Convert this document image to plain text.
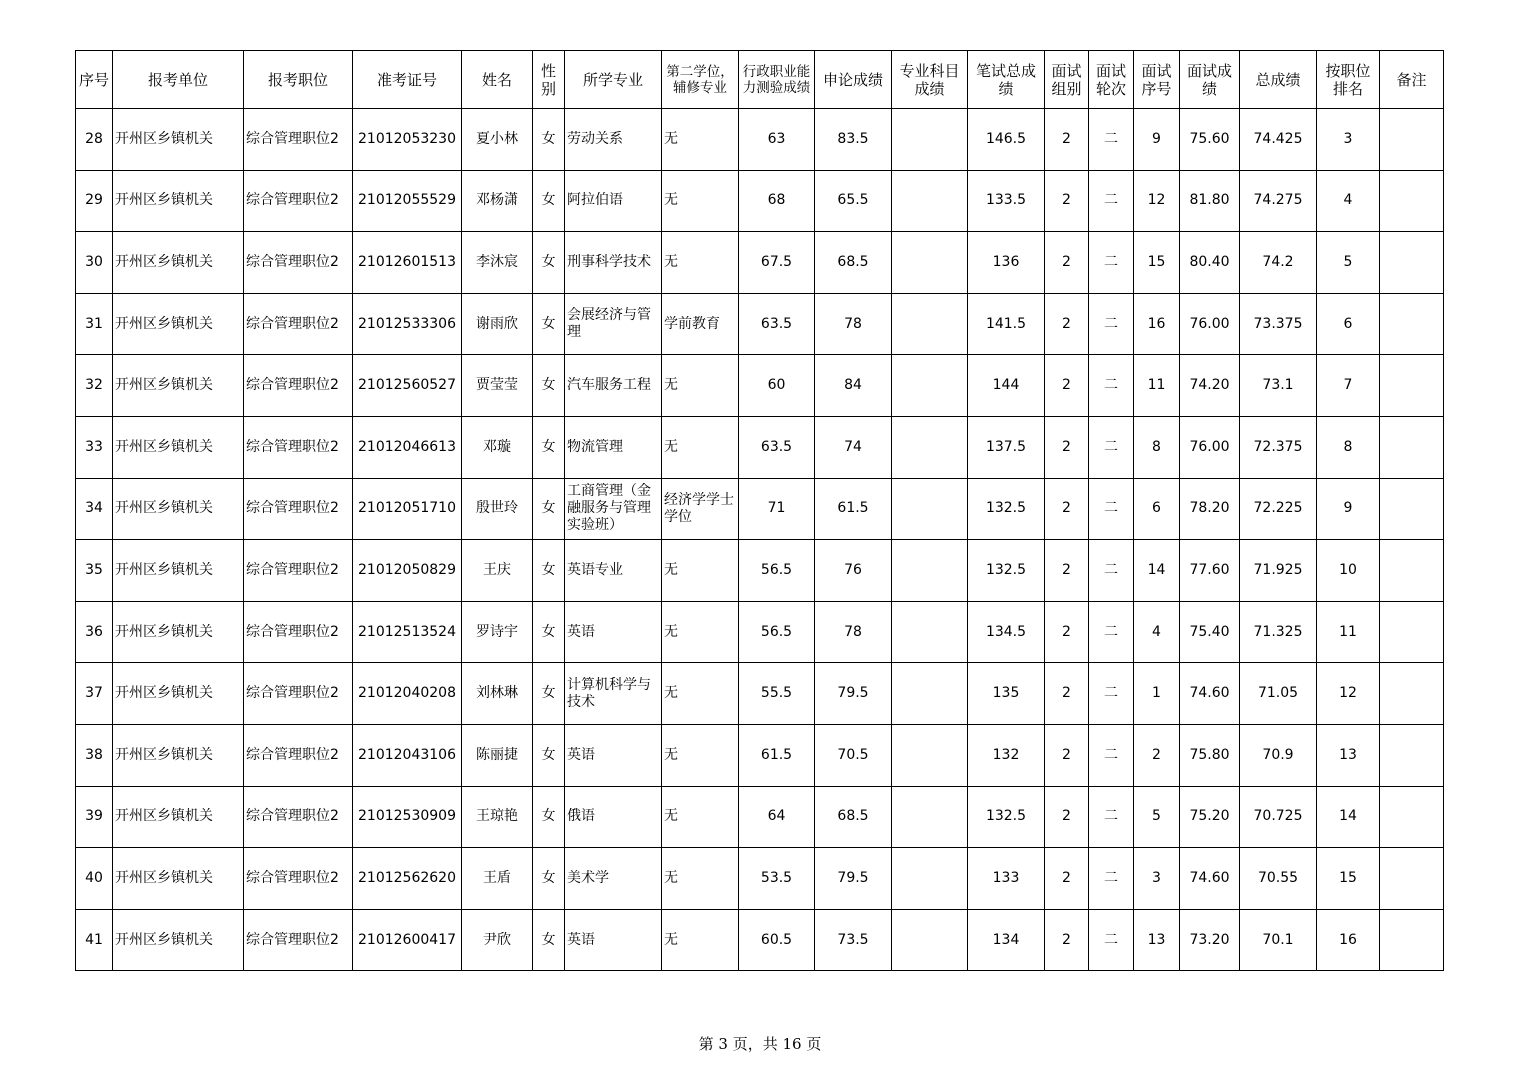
序号	报考单位	报考职位	准考证号	姓名	性别	所学专业	第二学位，辅修专业	行政职业能力测验成绩	申论成绩	专业科目成绩	笔试总成绩	面试组别	面试轮次	面试序号	面试成绩	总成绩	按职位排名	备注
28	开州区乡镇机关	综合管理职位2	21012053230	夏小林	女	劳动关系	无	63	83.5		146.5	2	二	9	75.60	74.425	3	
29	开州区乡镇机关	综合管理职位2	21012055529	邓杨潇	女	阿拉伯语	无	68	65.5		133.5	2	二	12	81.80	74.275	4	
30	开州区乡镇机关	综合管理职位2	21012601513	李沐宸	女	刑事科学技术	无	67.5	68.5		136	2	二	15	80.40	74.2	5	
31	开州区乡镇机关	综合管理职位2	21012533306	谢雨欣	女	会展经济与管理	学前教育	63.5	78		141.5	2	二	16	76.00	73.375	6	
32	开州区乡镇机关	综合管理职位2	21012560527	贾莹莹	女	汽车服务工程	无	60	84		144	2	二	11	74.20	73.1	7	
33	开州区乡镇机关	综合管理职位2	21012046613	邓璇	女	物流管理	无	63.5	74		137.5	2	二	8	76.00	72.375	8	
34	开州区乡镇机关	综合管理职位2	21012051710	殷世玲	女	工商管理（金融服务与管理实验班）	经济学学士学位	71	61.5		132.5	2	二	6	78.20	72.225	9	
35	开州区乡镇机关	综合管理职位2	21012050829	王庆	女	英语专业	无	56.5	76		132.5	2	二	14	77.60	71.925	10	
36	开州区乡镇机关	综合管理职位2	21012513524	罗诗宇	女	英语	无	56.5	78		134.5	2	二	4	75.40	71.325	11	
37	开州区乡镇机关	综合管理职位2	21012040208	刘林琳	女	计算机科学与技术	无	55.5	79.5		135	2	二	1	74.60	71.05	12	
38	开州区乡镇机关	综合管理职位2	21012043106	陈丽捷	女	英语	无	61.5	70.5		132	2	二	2	75.80	70.9	13	
39	开州区乡镇机关	综合管理职位2	21012530909	王琼艳	女	俄语	无	64	68.5		132.5	2	二	5	75.20	70.725	14	
40	开州区乡镇机关	综合管理职位2	21012562620	王盾	女	美术学	无	53.5	79.5		133	2	二	3	74.60	70.55	15	
41	开州区乡镇机关	综合管理职位2	21012600417	尹欣	女	英语	无	60.5	73.5		134	2	二	13	73.20	70.1	16	
第 3 页，共 16 页
